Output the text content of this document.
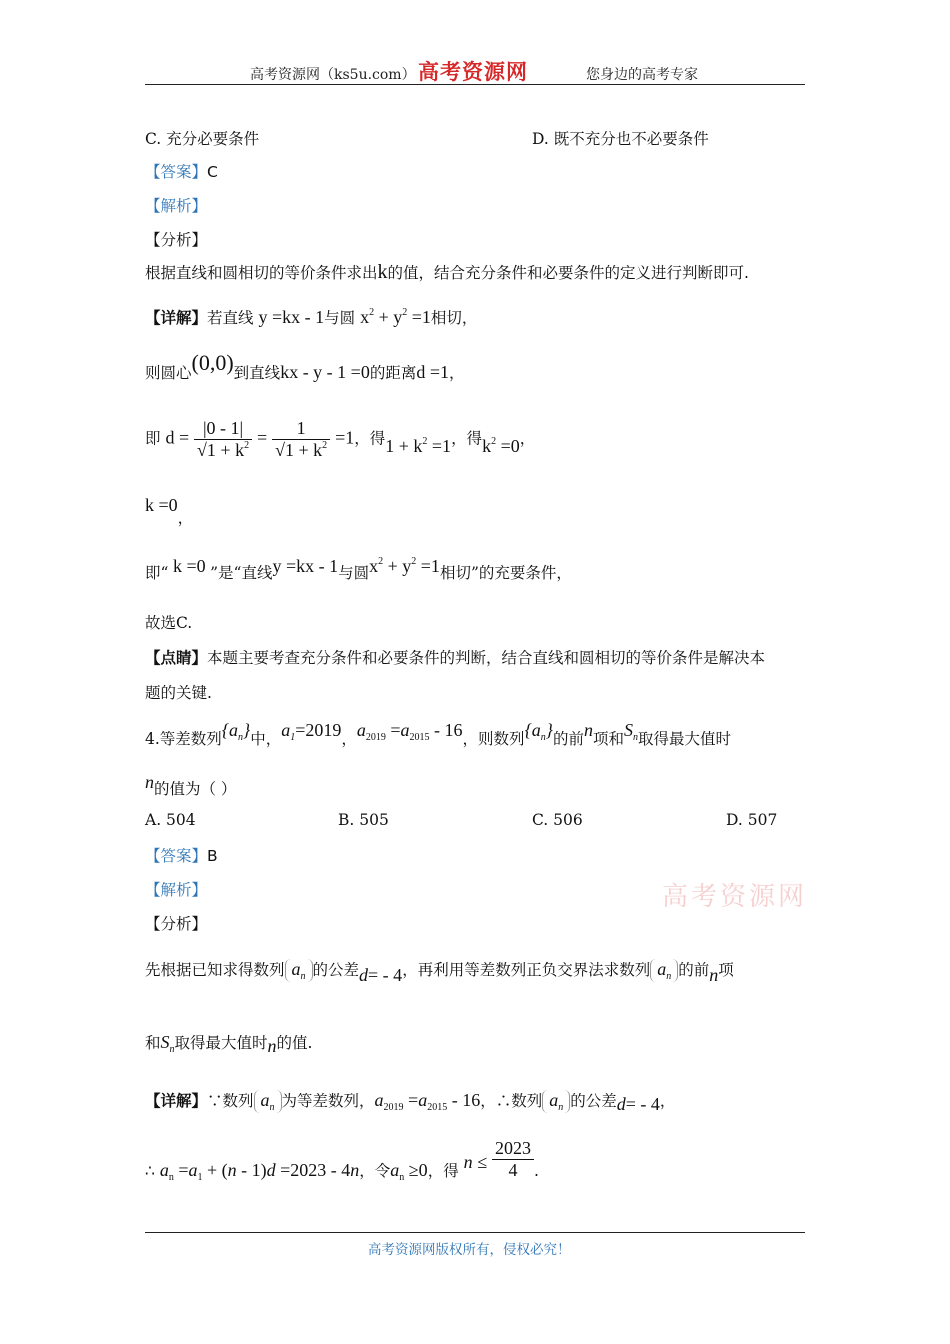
高考资源网（ks5u.com） 高考资源网	您身边的高考专家
C. 充分必要条件	D. 既不充分也不必要条件
【答案】C
【解析】
【分析】
根据直线和圆相切的等价条件求出k的值，结合充分条件和必要条件的定义进行判断即可.
【详解】若直线 y =kx - 1与圆 $x^2 + y^2 =1$相切，
则圆心(0,0)到直线kx - y - 1 =0的距离d =1，
即 $d = \frac{|0 - 1|}{√1 + k^2} = \frac{1}{√1 + k^2} =1$，得$1 + k^2 =1$，得$k^2 =0$，
k =0，
即“ k =0 ”是“直线y =kx - 1与圆$x^2 + y^2 =1$相切”的充要条件，
故选C.
【点睛】本题主要考查充分条件和必要条件的判断，结合直线和圆相切的等价条件是解决本
题的关键.
4.等差数列$\{a_n\}$中，$a_1=2019$，$a_{2019} =a_{2015} - 16$，则数列$\{a_n\}$的前n项和$S_n$取得最大值时
n的值为（ ）
A. 504	B. 505	C. 506	D. 507
【答案】B
【解析】	高考资源网
【分析】
先根据已知求得数列 $a_n$ 的公差d= - 4，再利用等差数列正负交界法求数列 $a_n$ 的前n项
和$S_n$取得最大值时n的值.
【详解】∵数列 $a_n$ 为等差数列，$a_{2019} =a_{2015} - 16$，∴数列 $a_n$ 的公差d= - 4，
∴ $a_n =a_1 + (n - 1)d =2023 - 4n$，令$a_n \ge 0$，得 $n \le \frac{2023}{4}$ .
高考资源网版权所有，侵权必究！
